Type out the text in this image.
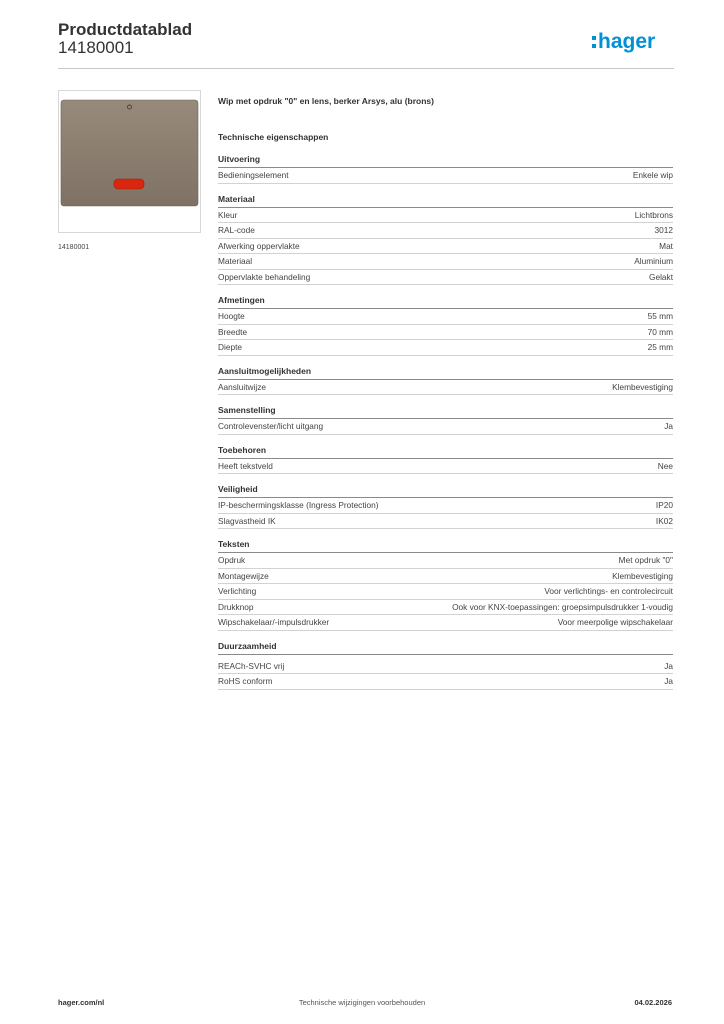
Productdatablad
14180001	hager
14180001
Wip met opdruk "0" en lens, berker Arsys, alu (brons)
Technische eigenschappen
Uitvoering
Bedieningselement	Enkele wip
Materiaal
Kleur	Lichtbrons
RAL-code	3012
Afwerking oppervlakte	Mat
Materiaal	Aluminium
Oppervlakte behandeling	Gelakt
Afmetingen
Hoogte	55 mm
Breedte	70 mm
Diepte	25 mm
Aansluitmogelijkheden
Aansluitwijze	Klembevestiging
Samenstelling
Controlevenster/licht uitgang	Ja
Toebehoren
Heeft tekstveld	Nee
Veiligheid
IP-beschermingsklasse (Ingress Protection)	IP20
Slagvastheid IK	IK02
Teksten
Opdruk	Met opdruk "0"
Montagewijze	Klembevestiging
Verlichting	Voor verlichtings- en controlecircuit
Drukknop	Ook voor KNX-toepassingen: groepsimpulsdrukker 1-voudig
Wipschakelaar/-impulsdrukker	Voor meerpolige wipschakelaar
Duurzaamheid
REACh-SVHC vrij	Ja
RoHS conform	Ja
hager.com/nl	Technische wijzigingen voorbehouden	04.02.2026
